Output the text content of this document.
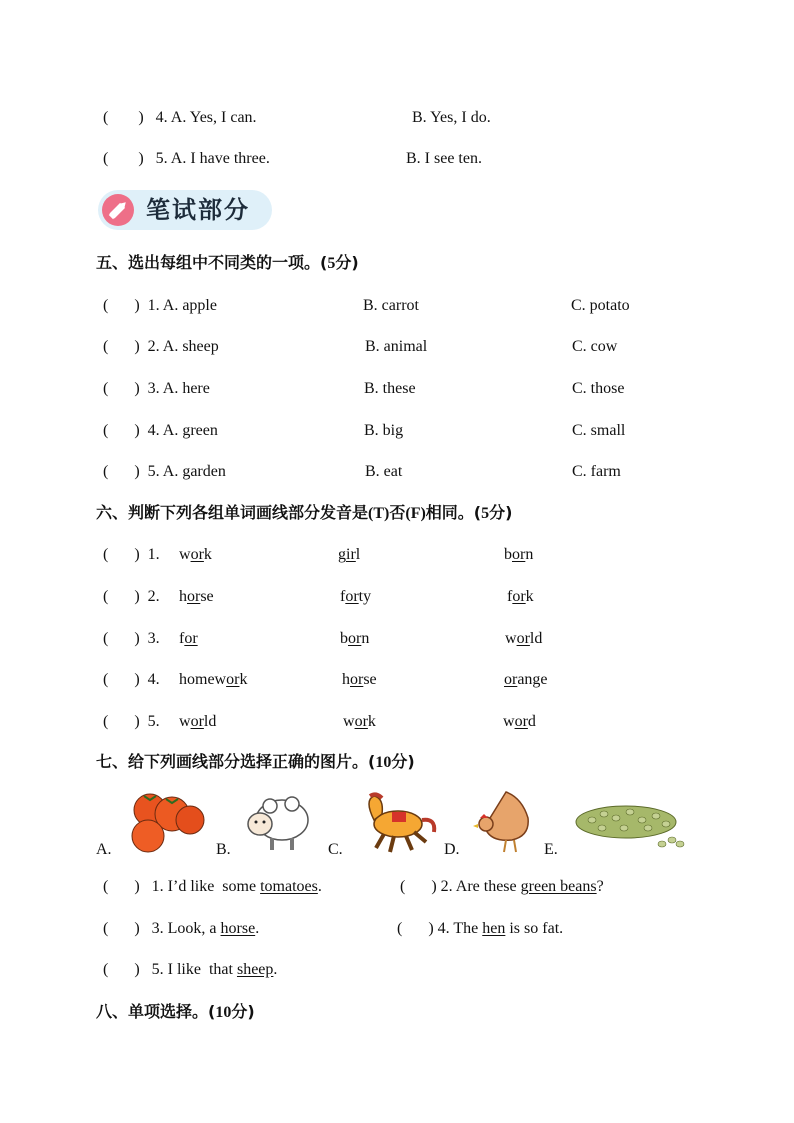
( ) 4. A. Yes, I can.	B. Yes, I do.
( ) 5. A. I have three.	B. I see ten.
笔试部分
五、选出每组中不同类的一项。(5分)
( ) 1. A. apple	B. carrot	C. potato
( ) 2. A. sheep	B. animal	C. cow
( ) 3. A. here	B. these	C. those
( ) 4. A. green	B. big	C. small
( ) 5. A. garden	B. eat	C. farm
六、判断下列各组单词画线部分发音是(T)否(F)相同。(5分)
( ) 1. work	girl	born
( ) 2. horse	forty	fork
( ) 3. for	born	world
( ) 4. homework	horse	orange
( ) 5. world	work	word
七、给下列画线部分选择正确的图片。(10分)
A.	B.	C.	D.	E.
( ) 1. I’d like  some tomatoes.	( ) 2. Are these green beans?
( ) 3. Look, a horse.	( ) 4. The hen is so fat.
( ) 5. I like  that sheep.
八、单项选择。(10分)
